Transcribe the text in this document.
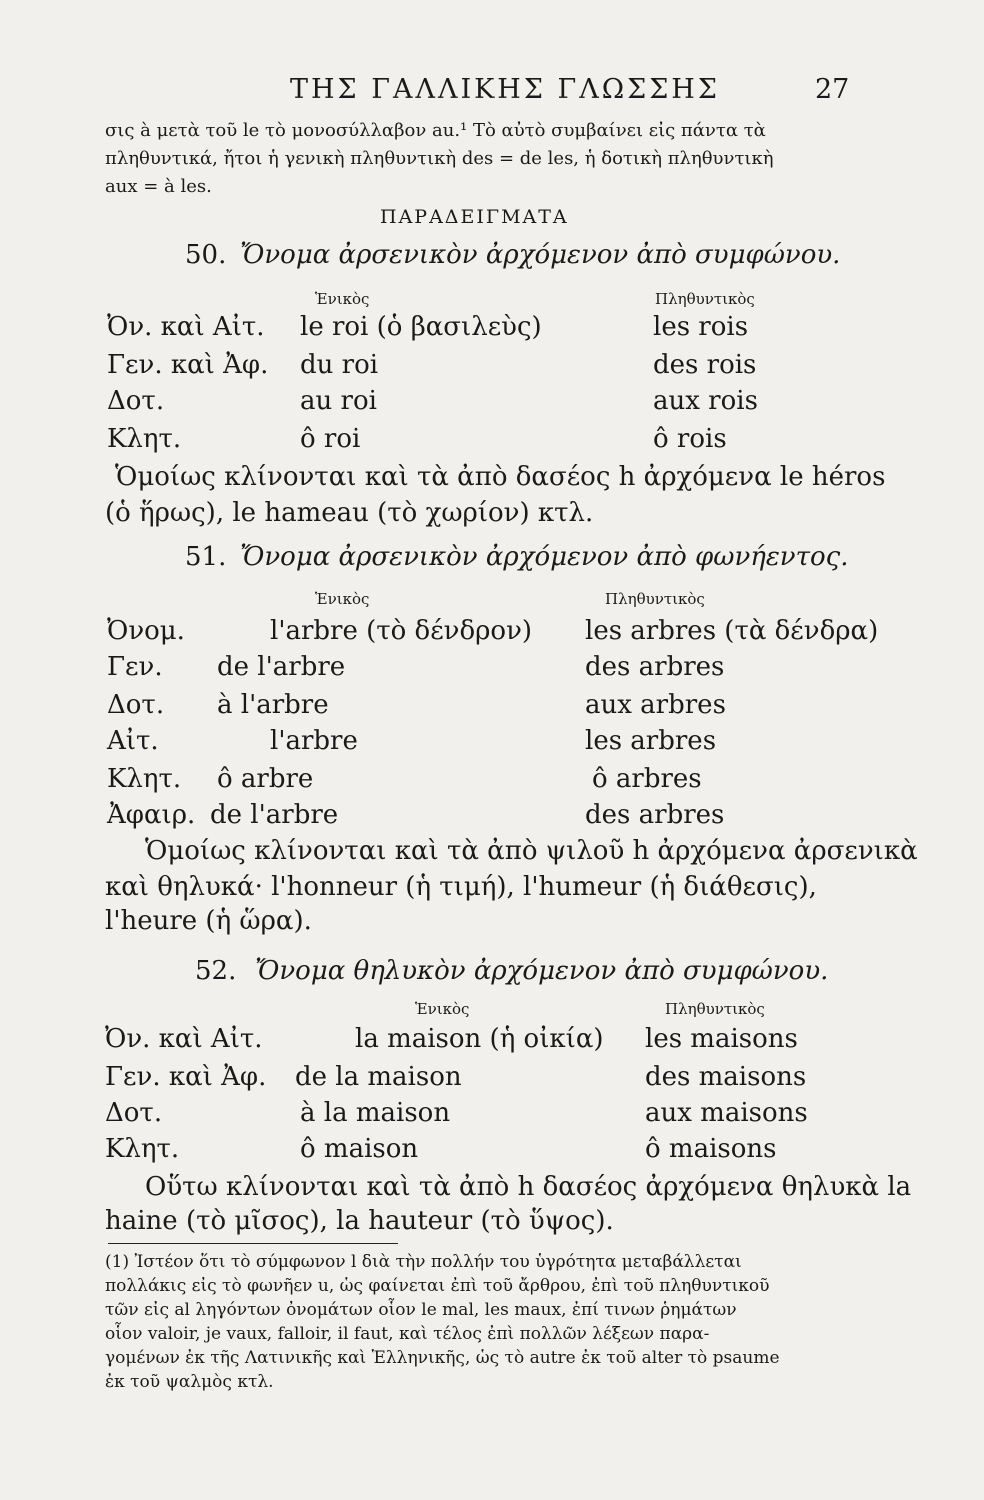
ΤΗΣ ΓΑΛΛΙΚΗΣ ΓΛΩΣΣΗΣ	27
σις à μετὰ τοῦ le τὸ μονοσύλλαβον au.¹ Τὸ αὐτὸ συμβαίνει εἰς πάντα τὰ
πληθυντικά, ἤτοι ἡ γενικὴ πληθυντικὴ des = de les, ἡ δοτικὴ πληθυντικὴ
aux = à les.
ΠΑΡΑΔΕΙΓΜΑΤΑ
50. Ὄνομα ἀρσενικὸν ἀρχόμενον ἀπὸ συμφώνου.
Ἑνικὸς	Πληθυντικὸς
Ὀν. καὶ Αἰτ. le roi (ὁ βασιλεὺς)	les rois
Γεν. καὶ Ἀφ. du roi	des rois
Δοτ.	au roi	aux rois
Κλητ.	ô roi	ô rois
Ὁμοίως κλίνονται καὶ τὰ ἀπὸ δασέος h ἀρχόμενα le héros
(ὁ ἥρως), le hameau (τὸ χωρίον) κτλ.
51. Ὄνομα ἀρσενικὸν ἀρχόμενον ἀπὸ φωνήεντος.
Ἑνικὸς	Πληθυντικὸς
Ὀνομ.	l'arbre (τὸ δένδρον) les arbres (τὰ δένδρα)
Γεν. de l'arbre	des arbres
Δοτ. à l'arbre	aux arbres
Αἰτ.	l'arbre	les arbres
Κλητ. ô arbre	ô arbres
Ἀφαιρ. de l'arbre	des arbres
Ὁμοίως κλίνονται καὶ τὰ ἀπὸ ψιλοῦ h ἀρχόμενα ἀρσενικὰ
καὶ θηλυκά· l'honneur (ἡ τιμή), l'humeur (ἡ διάθεσις),
l'heure (ἡ ὥρα).
52. Ὄνομα θηλυκὸν ἀρχόμενον ἀπὸ συμφώνου.
Ἑνικὸς	Πληθυντικὸς
Ὀν. καὶ Αἰτ.	la maison (ἡ οἰκία) les maisons
Γεν. καὶ Ἀφ. de la maison	des maisons
Δοτ.	à la maison	aux maisons
Κλητ.	ô maison	ô maisons
Οὕτω κλίνονται καὶ τὰ ἀπὸ h δασέος ἀρχόμενα θηλυκὰ la
haine (τὸ μῖσος), la hauteur (τὸ ὕψος).
(1) Ἰστέον ὅτι τὸ σύμφωνον l διὰ τὴν πολλήν του ὑγρότητα μεταβάλλεται
πολλάκις εἰς τὸ φωνῆεν u, ὡς φαίνεται ἐπὶ τοῦ ἄρθρου, ἐπὶ τοῦ πληθυντικοῦ
τῶν εἰς al ληγόντων ὀνομάτων οἷον le mal, les maux, ἐπί τινων ῥημάτων
οἷον valoir, je vaux, falloir, il faut, καὶ τέλος ἐπὶ πολλῶν λέξεων παρα-
γομένων ἐκ τῆς Λατινικῆς καὶ Ἑλληνικῆς, ὡς τὸ autre ἐκ τοῦ alter τὸ psaume
ἐκ τοῦ ψαλμὸς κτλ.
